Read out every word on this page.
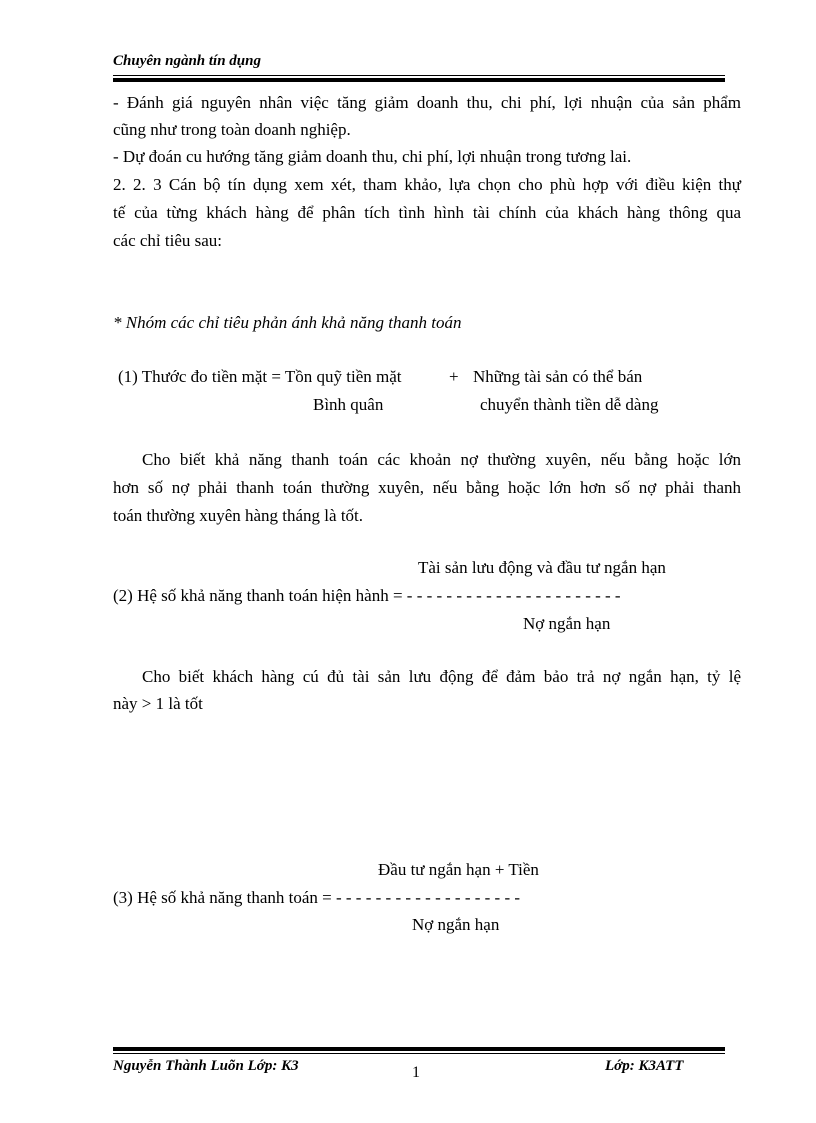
Chuyên ngành tín dụng
- Đánh giá nguyên nhân việc tăng giảm doanh thu, chi phí, lợi nhuận của sản phẩm
cũng như trong toàn doanh nghiệp.
- Dự đoán cu hướng tăng giảm doanh thu, chi phí, lợi nhuận trong tương lai.
2. 2. 3 Cán bộ tín dụng xem xét, tham khảo, lựa chọn cho phù hợp với điều kiện thự
tế của từng khách hàng để phân tích tình hình tài chính của khách hàng thông qua
các chỉ tiêu sau:
* Nhóm các chỉ tiêu phản ánh khả năng thanh toán
(1) Thước đo tiền mặt = Tồn quỹ tiền mặt	+ Những tài sản có thể bán
Bình quân	chuyển thành tiền dễ dàng
Cho biết khả năng thanh toán các khoản nợ thường xuyên, nếu bằng hoặc lớn
hơn số nợ phải thanh toán thường xuyên, nếu bằng hoặc lớn hơn số nợ phải thanh
toán thường xuyên hàng tháng là tốt.
Tài sản lưu động và đầu tư ngắn hạn
(2) Hệ số khả năng thanh toán hiện hành = - - - - - - - - - - - - - - - - - - - - - -
Nợ ngắn hạn
Cho biết khách hàng cú đủ tài sản lưu động để đảm bảo trả nợ ngắn hạn, tỷ lệ
này > 1 là tốt
Đầu tư ngắn hạn + Tiền
(3) Hệ số khả năng thanh toán = - - - - - - - - - - - - - - - - - - -
Nợ ngắn hạn
Nguyễn Thành Luõn Lớp: K3	1	Lớp: K3ATT
